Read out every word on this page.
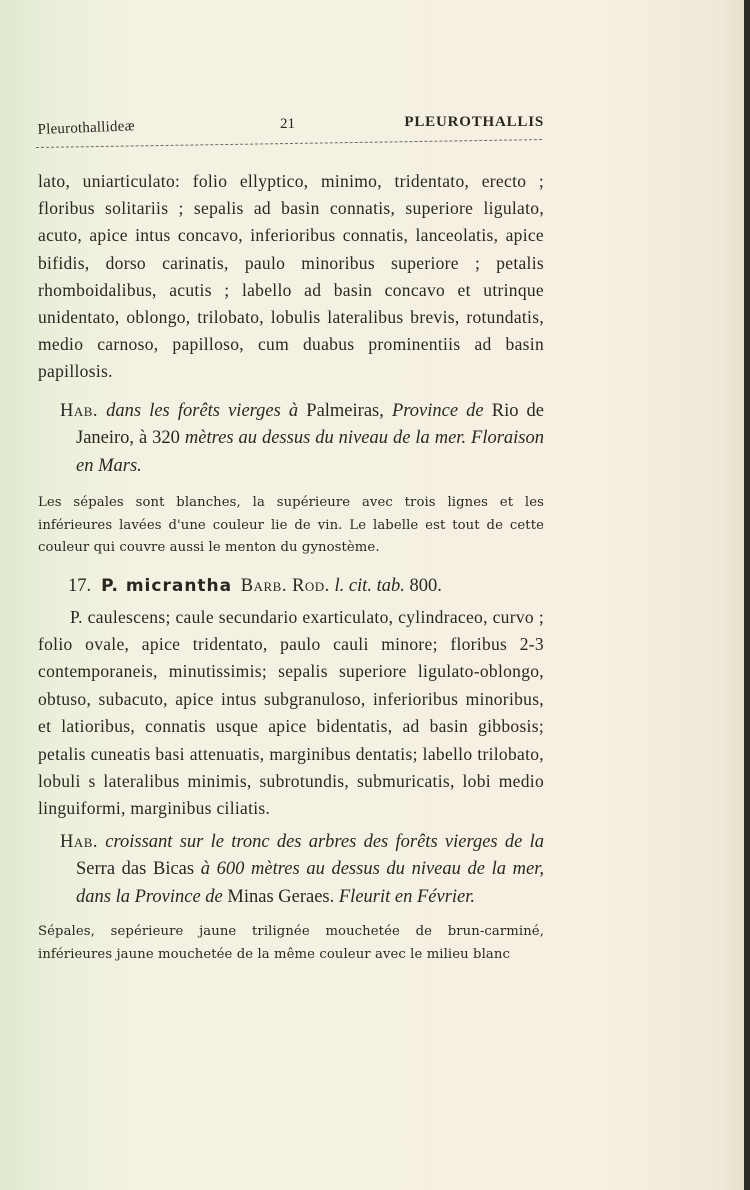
Pleurothallideæ	21	PLEUROTHALLIS

lato, uniarticulato: folio ellyptico, minimo, tridentato, erecto ; floribus solitariis ; sepalis ad basin connatis, superiore ligulato, acuto, apice intus concavo, inferioribus connatis, lanceolatis, apice bifidis, dorso carinatis, paulo minoribus superiore ; petalis rhomboidalibus, acutis ; labello ad basin concavo et utrinque unidentato, oblongo, trilobato, lobulis lateralibus brevis, rotundatis, medio carnoso, papilloso, cum duabus prominentiis ad basin papillosis.

Hab. dans les forêts vierges à Palmeiras, Province de Rio de Janeiro, à 320 mètres au dessus du niveau de la mer. Floraison en Mars.

Les sépales sont blanches, la supérieure avec trois lignes et les inférieures lavées d'une couleur lie de vin. Le labelle est tout de cette couleur qui couvre aussi le menton du gynostème.

17. P. micrantha Barb. Rod. l. cit. tab. 800.

P. caulescens; caule secundario exarticulato, cylindraceo, curvo ; folio ovale, apice tridentato, paulo cauli minore; floribus 2-3 contemporaneis, minutissimis; sepalis superiore ligulato-oblongo, obtuso, subacuto, apice intus subgranuloso, inferioribus minoribus, et latioribus, connatis usque apice bidentatis, ad basin gibbosis; petalis cuneatis basi attenuatis, marginibus dentatis; labello trilobato, lobuli s lateralibus minimis, subrotundis, submuricatis, lobi medio linguiformi, marginibus ciliatis.

Hab. croissant sur le tronc des arbres des forêts vierges de la Serra das Bicas à 600 mètres au dessus du niveau de la mer, dans la Province de Minas Geraes. Fleurit en Février.

Sépales, sepérieure jaune trilignée mouchetée de brun-carminé, inférieures jaune mouchetée de la même couleur avec le milieu blanc
